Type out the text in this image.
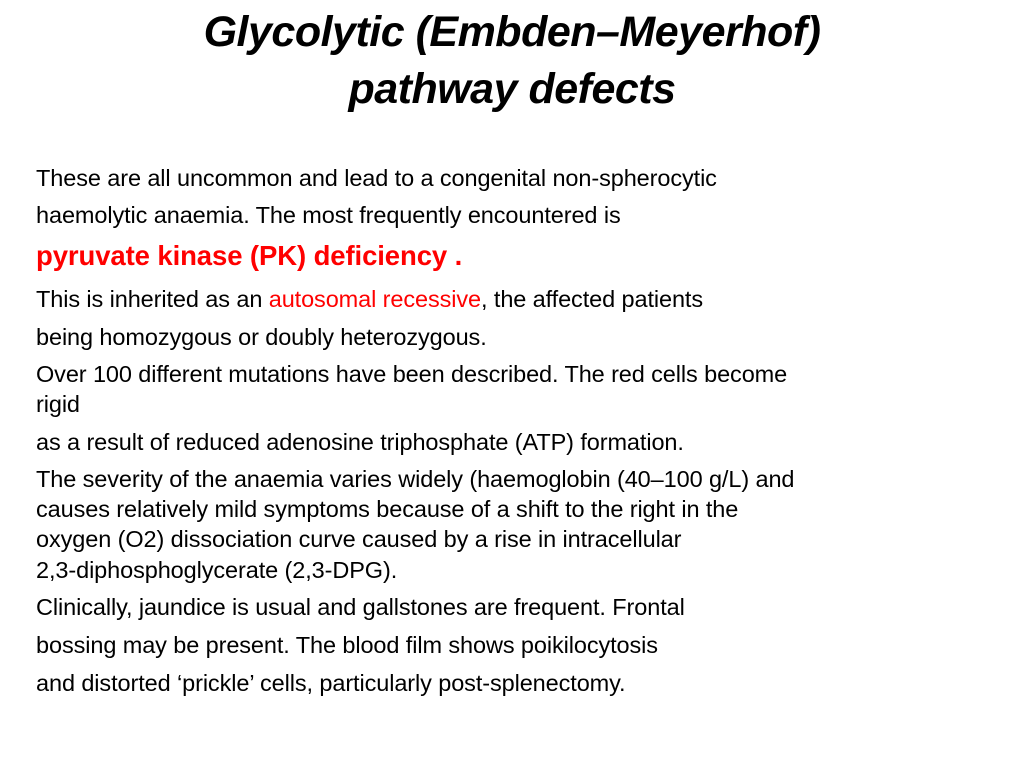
Glycolytic (Embden–Meyerhof)
pathway defects

These are all uncommon and lead to a congenital non-spherocytic

haemolytic anaemia. The most frequently encountered is

pyruvate kinase (PK) deficiency .

This is inherited as an autosomal recessive, the affected patients

being homozygous or doubly heterozygous.

Over 100 different mutations have been described. The red cells become

rigid

as a result of reduced adenosine triphosphate (ATP) formation.

The severity of the anaemia varies widely (haemoglobin (40–100 g/L) and

causes relatively mild symptoms because of a shift to the right in the

oxygen (O2) dissociation curve caused by a rise in intracellular

2,3-diphosphoglycerate (2,3-DPG).

Clinically, jaundice is usual and gallstones are frequent. Frontal

bossing may be present. The blood film shows poikilocytosis

and distorted ‘prickle’ cells, particularly post-splenectomy.
